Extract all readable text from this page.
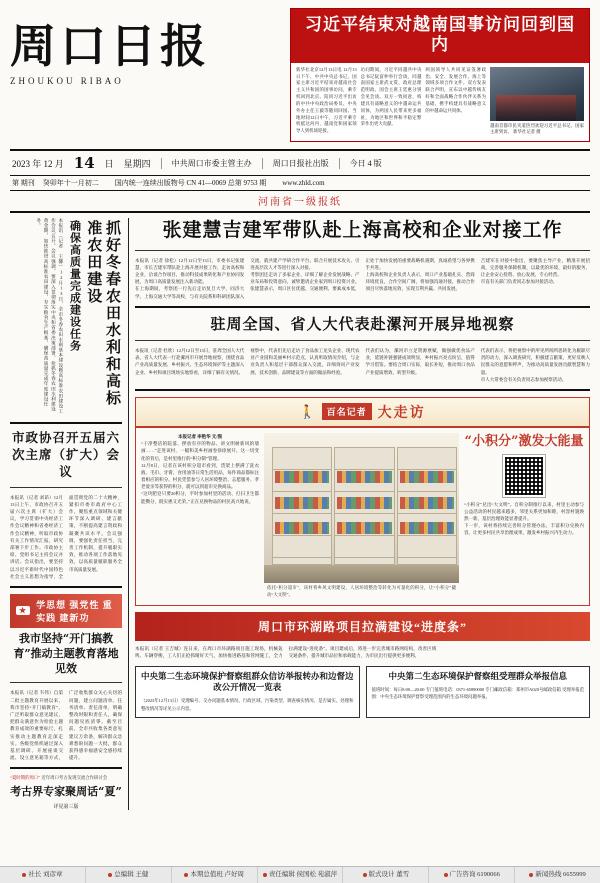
周口日报
ZHOUKOU RIBAO
习近平结束对越南国事访问回到国内
新华社北京12月13日电 12月13日下午，中共中央总书记、国家主席习近平结束对越南社会主义共和国的国事访问，乘专机回到北京。陪同习近平出访的中共中央政治局委员、中央外办主任王毅等随同回国。当地时间12日中午，习近平乘专机抵达河内，越南党和国家领导人到机场迎接。
访问期间，习近平同越共中央总书记阮富仲举行会谈，同越南国家主席武文赏、政府总理范明政、国会主席王廷惠分别会见会谈。双方一致同意，构建具有战略意义的中越命运共同体，为两国人民带来更多福祉，为地区和世界和平稳定繁荣作出更大贡献。
两国领导人共同见证签署政治、安全、发展合作、海上等领域多项合作文件。双方发表联合声明，宣布以中越传统友好和全面战略合作伙伴关系为基础，携手构建具有战略意义的中越命运共同体。
越南首都市民夹道热烈欢迎习近平总书记、国家主席到访。 新华社记者 摄
2023 年 12 月 14 日 星期四	中共周口市委主管主办	周口日报社出版	今日 4 版
第 期刊 癸卯年十一月初二 国内统一连续出版物号 CN 41—0069 总第 9753 期 www.zhld.com
河南省一级报纸
抓好冬春农田水利和高标准农田建设
确保高质量完成建设任务
本报讯（记者 王馨）12月13日，全市冬春农田水利基本建设暨高标准农田建设工作会议召开。会议强调，要深入贯彻落实中央和省委决策部署，抢抓冬春农田水利建设黄金期，加快推进高标准农田建设，夯实粮食生产根基，确保高质量完成年度建设任务。
市政协召开五届六次主席（扩大）会议
本报讯（记者 刘昂）12月13日上午，市政协召开五届六次主席（扩大）会议，学习贯彻中央经济工作会议精神和省委经济工作会议精神，听取市政协有关工作情况汇报，研究部署下步工作。市政协主席、党组书记主持会议并讲话。会议指出，要坚持以习近平新时代中国特色社会主义思想为指导，全面贯彻党的二十大精神，紧扣市委市政府中心工作，聚焦重点领域和关键环节深入调研、建言献策，不断提高建言资政和凝聚共识水平。会议强调，要强化责任担当，完善工作机制，提升履职实效，推动各项工作落地见效，以高质量履职服务全市高质量发展。
★
学思想 强党性 重实践 建新功
我市坚持“开门搞教育”推动主题教育落地见效
本报讯（记者 韦伟）自第二批主题教育开展以来，我市坚持“开门搞教育”，广泛听取群众意见建议，把群众满意作为检验主题教育成效的重要标尺，扎实推动主题教育走深走实。各级党组织通过深入基层调研、开展座谈交流、设立意见箱等方式，广泛收集群众关心关切的问题，建立问题清单、任务清单、责任清单，明确整改时限和责任人，确保问题见底清零。截至目前，全市共收集各类意见建议万余条，解决群众急难愁盼问题一大批，群众获得感幸福感安全感持续提升。
“夏时期的周口” 近年周口考古发现交流合作研讨会
考古界专家聚周话“夏”
详见第三版
张建慧吉建军带队赴上海高校和企业对接工作
本报讯（记者 徐松）12月12日至13日，市委书记张建慧、市长吉建军带队赴上海开展对接工作，走访高校和企业，洽谈合作项目，推动科技成果转化和产业协同发展，为周口高质量发展注入新动能。
在上海期间，考察团一行先后走访复旦大学、同济大学、上海交通大学等高校，与有关院系和科研团队深入交流，就共建产学研合作平台、联合开展技术攻关、引进高层次人才等进行深入对接。
考察团还走访了多家企业，详细了解企业发展战略、产业布局和投资意向，诚挚邀请企业家到周口投资兴业。张建慧表示，周口区位优越、交通便利、要素成本低，正处于加快发展的重要战略机遇期，真诚希望与各界携手共进。
上海高校和企业负责人表示，周口产业基础扎实、营商环境优良，合作空间广阔，将加强沟通对接，推动合作项目尽快落地见效，实现互利共赢、共同发展。
吉建军在对接中指出，要聚焦主导产业，精准开展招商，完善服务保障机制，以最优的环境、最好的服务，让企业安心投资、放心发展、专心经营。
市直有关部门负责同志参加对接活动。
驻周全国、省人大代表赴漯河开展异地视察
本报讯（记者 杜欣）12月12日至13日，驻周全国人大代表、省人大代表一行赴漯河市开展异地视察，围绕食品产业高质量发展、乡村振兴、生态环境保护等主题深入企业、乡村和项目现场实地察看，详细了解有关情况。
视察中，代表们先后走访了食品加工龙头企业、现代农业产业园和美丽乡村示范点，认真听取情况介绍，与企业负责人和基层干部群众深入交流，详细询问产业发展、技术创新、品牌建设等方面的做法和经验。
代表们认为，漯河市立足资源禀赋，做强做优食品产业，延链补链强链成效明显，乡村振兴亮点纷呈，值得学习借鉴。要结合周口实际，取长补短，推动周口食品产业提质增效、转型升级。
代表们表示，将把视察中的所见所闻所思转化为履职尽责的动力，深入调查研究，积极建言献策，更好反映人民群众的意愿和呼声，为推动高质量发展贡献智慧和力量。
市人大常委会有关负责同志参加视察活动。
🚶	百名记者 大走访
本报记者 李艳华 文/图
“干净整洁的院落、摆放有序的物品、讲文明树新风的墙画……”走进该村，一幅和美乡村画卷徐徐展开。这一切变化的背后，是村里推行的“积分制”管理。
12月8日，记者在该村积分超市看到，货架上摆满了洗衣液、毛巾、牙膏、食用油等日常生活用品，每件商品都标注着相应的积分。村民凭借参与人居环境整治、志愿服务、孝老爱亲等获得的积分，就可以到超市兑换商品。
“这块肥皂只要20积分，平时参加村里的活动、打扫卫生都能攒分，既实惠又光荣。”正在兑换物品的村民高兴地说。
依托“积分超市”，该村将乡风文明建设、人居环境整治等转化为可量化的积分，让“小积分”撬动“大文明”。
“小积分”激发大能量
“小积分”兑出“大文明”。自积分制推行以来，村里主动参与公益活动的村民越来越多，邻里关系更加和睦，村容村貌焕然一新，基层治理效能显著提升。
下一步，该村将持续完善积分管理办法，丰富积分兑换内容，让更多村民共享治理成果，激发乡村振兴内生动力。
周口市环湖路项目拉满建设“进度条”
本报讯（记者 王吉城）连日来，在周口市环湖路项目施工现场，机械轰鸣、车辆穿梭，工人们正抢抓晴好天气，加快推进路基和管网施工，全力拉满建设“进度条”。项目建成后，将进一步完善城市路网结构，改善区域交通条件，提升城市品位和承载能力，为市民出行提供更多便利。
中央第二生态环境保护督察组群众信访举报转办和边督边改公开情况一览表
（2023年12月13日）受理编号、交办问题基本情况、行政区域、污染类型、调查核实情况、是否属实、处理和整改情况等详见公示内容。
中央第二生态环境保护督察组受理群众举报信息
值班时间：每日8:00—20:00 专门值班电话：0371-65890000 专门邮政信箱：郑州市A020号邮政信箱 受理举报范围：中央生态环境保护督察受理范围内的生态环境问题举报。
社长 刘彦章	总编辑 王健	本期总值班 卢好周	责任编辑 侯国松 苑淑萍	版式设计 董雪	广告咨询 6190066	新闻热线 6655999
